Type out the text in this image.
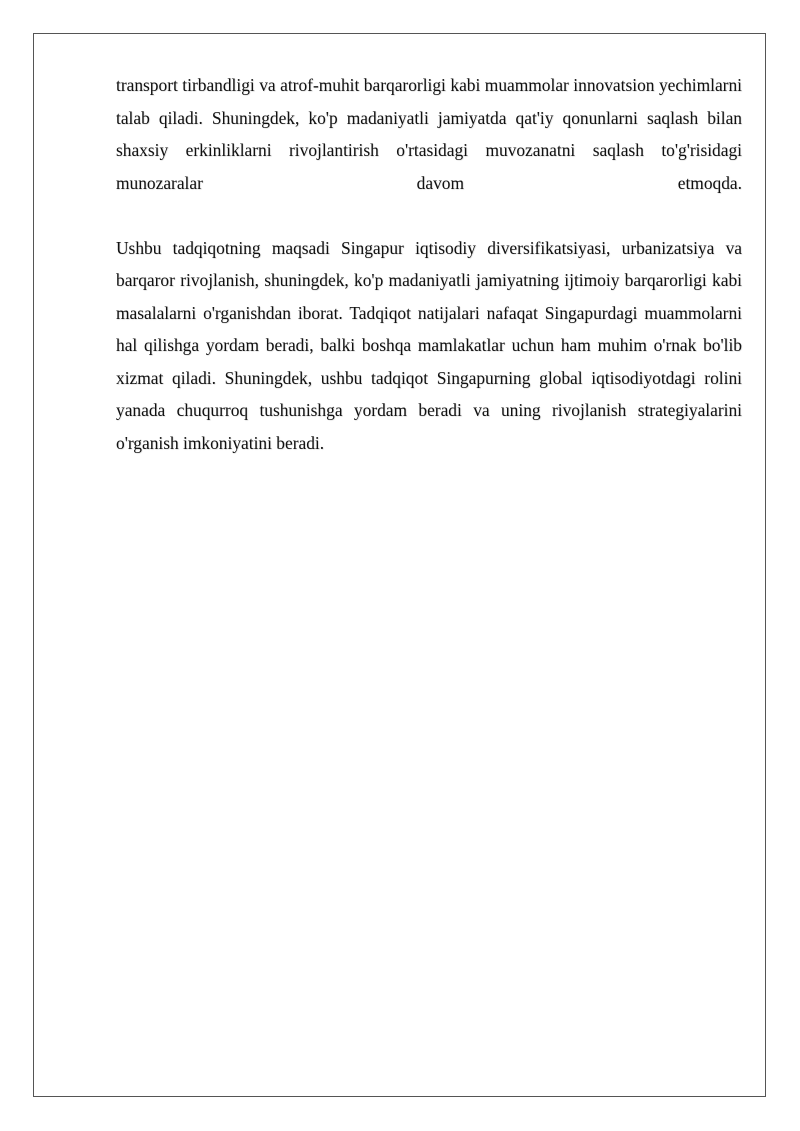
transport tirbandligi va atrof-muhit barqarorligi kabi muammolar innovatsion yechimlarni talab qiladi. Shuningdek, ko'p madaniyatli jamiyatda qat'iy qonunlarni saqlash bilan shaxsiy erkinliklarni rivojlantirish o'rtasidagi muvozanatni saqlash to'g'risidagi munozaralar davom etmoqda.

Ushbu tadqiqotning maqsadi Singapur iqtisodiy diversifikatsiyasi, urbanizatsiya va barqaror rivojlanish, shuningdek, ko'p madaniyatli jamiyatning ijtimoiy barqarorligi kabi masalalarni o'rganishdan iborat. Tadqiqot natijalari nafaqat Singapurdagi muammolarni hal qilishga yordam beradi, balki boshqa mamlakatlar uchun ham muhim o'rnak bo'lib xizmat qiladi. Shuningdek, ushbu tadqiqot Singapurning global iqtisodiyotdagi rolini yanada chuqurroq tushunishga yordam beradi va uning rivojlanish strategiyalarini o'rganish imkoniyatini beradi.
